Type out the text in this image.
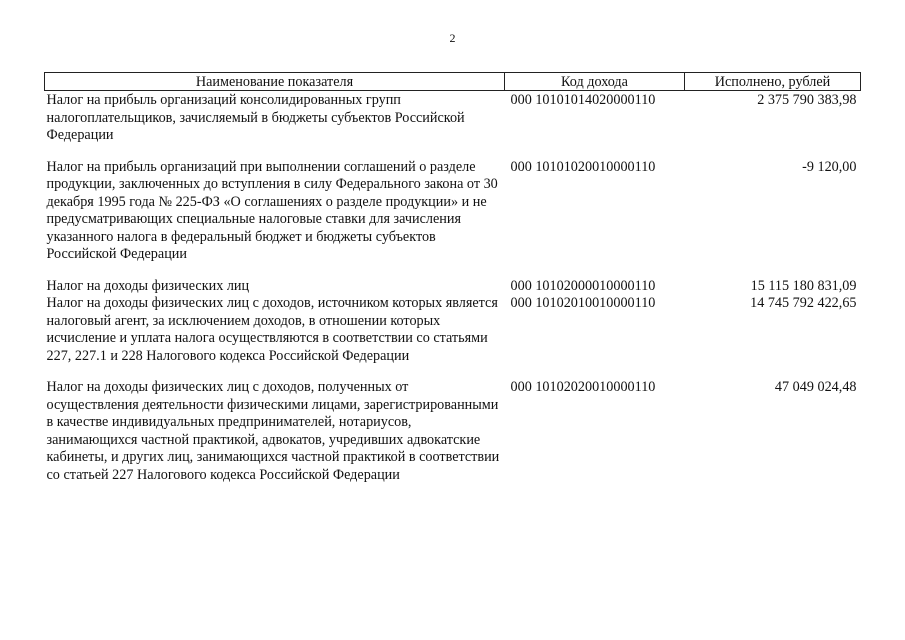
2
Наименование показателя	Код дохода	Исполнено, рублей
Налог на прибыль организаций консолидированных групп налогоплательщиков, зачисляемый в бюджеты субъектов Российской Федерации	000 10101014020000110	2 375 790 383,98
Налог на прибыль организаций при выполнении соглашений о разделе продукции, заключенных до вступления в силу Федерального закона от 30 декабря 1995 года № 225-ФЗ «О соглашениях о разделе продукции» и не предусматривающих специальные налоговые ставки для зачисления указанного налога в федеральный бюджет и бюджеты субъектов Российской Федерации	000 10101020010000110	-9 120,00
Налог на доходы физических лиц	000 10102000010000110	15 115 180 831,09
Налог на доходы физических лиц с доходов, источником которых является налоговый агент, за исключением доходов, в отношении которых исчисление и уплата налога осуществляются в соответствии со статьями 227, 227.1 и 228 Налогового кодекса Российской Федерации	000 10102010010000110	14 745 792 422,65
Налог на доходы физических лиц с доходов, полученных от осуществления деятельности физическими лицами, зарегистрированными в качестве индивидуальных предпринимателей, нотариусов, занимающихся частной практикой, адвокатов, учредивших адвокатские кабинеты, и других лиц, занимающихся частной практикой в соответствии со статьей 227 Налогового кодекса Российской Федерации	000 10102020010000110	47 049 024,48
